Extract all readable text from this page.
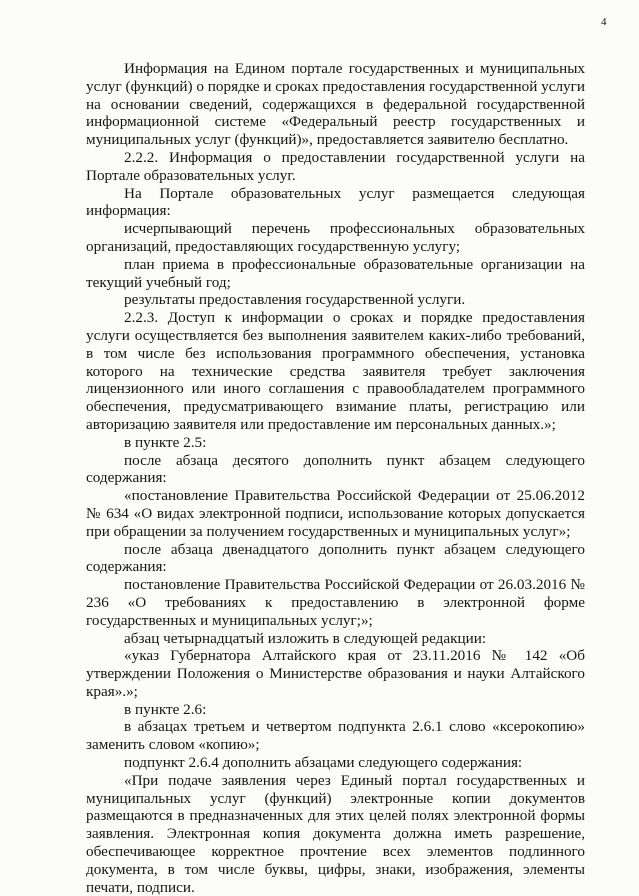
4

Информация на Едином портале государственных и муниципальных услуг (функций) о порядке и сроках предоставления государственной услуги на основании сведений, содержащихся в федеральной государственной информационной системе «Федеральный реестр государственных и муниципальных услуг (функций)», предоставляется заявителю бесплатно.

2.2.2. Информация о предоставлении государственной услуги на Портале образовательных услуг.

На Портале образовательных услуг размещается следующая информация:

исчерпывающий перечень профессиональных образовательных организаций, предоставляющих государственную услугу;

план приема в профессиональные образовательные организации на текущий учебный год;

результаты предоставления государственной услуги.

2.2.3. Доступ к информации о сроках и порядке предоставления услуги осуществляется без выполнения заявителем каких-либо требований, в том числе без использования программного обеспечения, установка которого на технические средства заявителя требует заключения лицензионного или иного соглашения с правообладателем программного обеспечения, предусматривающего взимание платы, регистрацию или авторизацию заявителя или предоставление им персональных данных.»;

в пункте 2.5:

после абзаца десятого дополнить пункт абзацем следующего содержания:

«постановление Правительства Российской Федерации от 25.06.2012 № 634 «О видах электронной подписи, использование которых допускается при обращении за получением государственных и муниципальных услуг»;

после абзаца двенадцатого дополнить пункт абзацем следующего содержания:

постановление Правительства Российской Федерации от 26.03.2016 № 236 «О требованиях к предоставлению в электронной форме государственных и муниципальных услуг;»;

абзац четырнадцатый изложить в следующей редакции:

«указ Губернатора Алтайского края от 23.11.2016 № 142 «Об утверждении Положения о Министерстве образования и науки Алтайского края».»;

в пункте 2.6:

в абзацах третьем и четвертом подпункта 2.6.1 слово «ксерокопию» заменить словом «копию»;

подпункт 2.6.4 дополнить абзацами следующего содержания:

«При подаче заявления через Единый портал государственных и муниципальных услуг (функций) электронные копии документов размещаются в предназначенных для этих целей полях электронной формы заявления. Электронная копия документа должна иметь разрешение, обеспечивающее корректное прочтение всех элементов подлинного документа, в том числе буквы, цифры, знаки, изображения, элементы печати, подписи.
